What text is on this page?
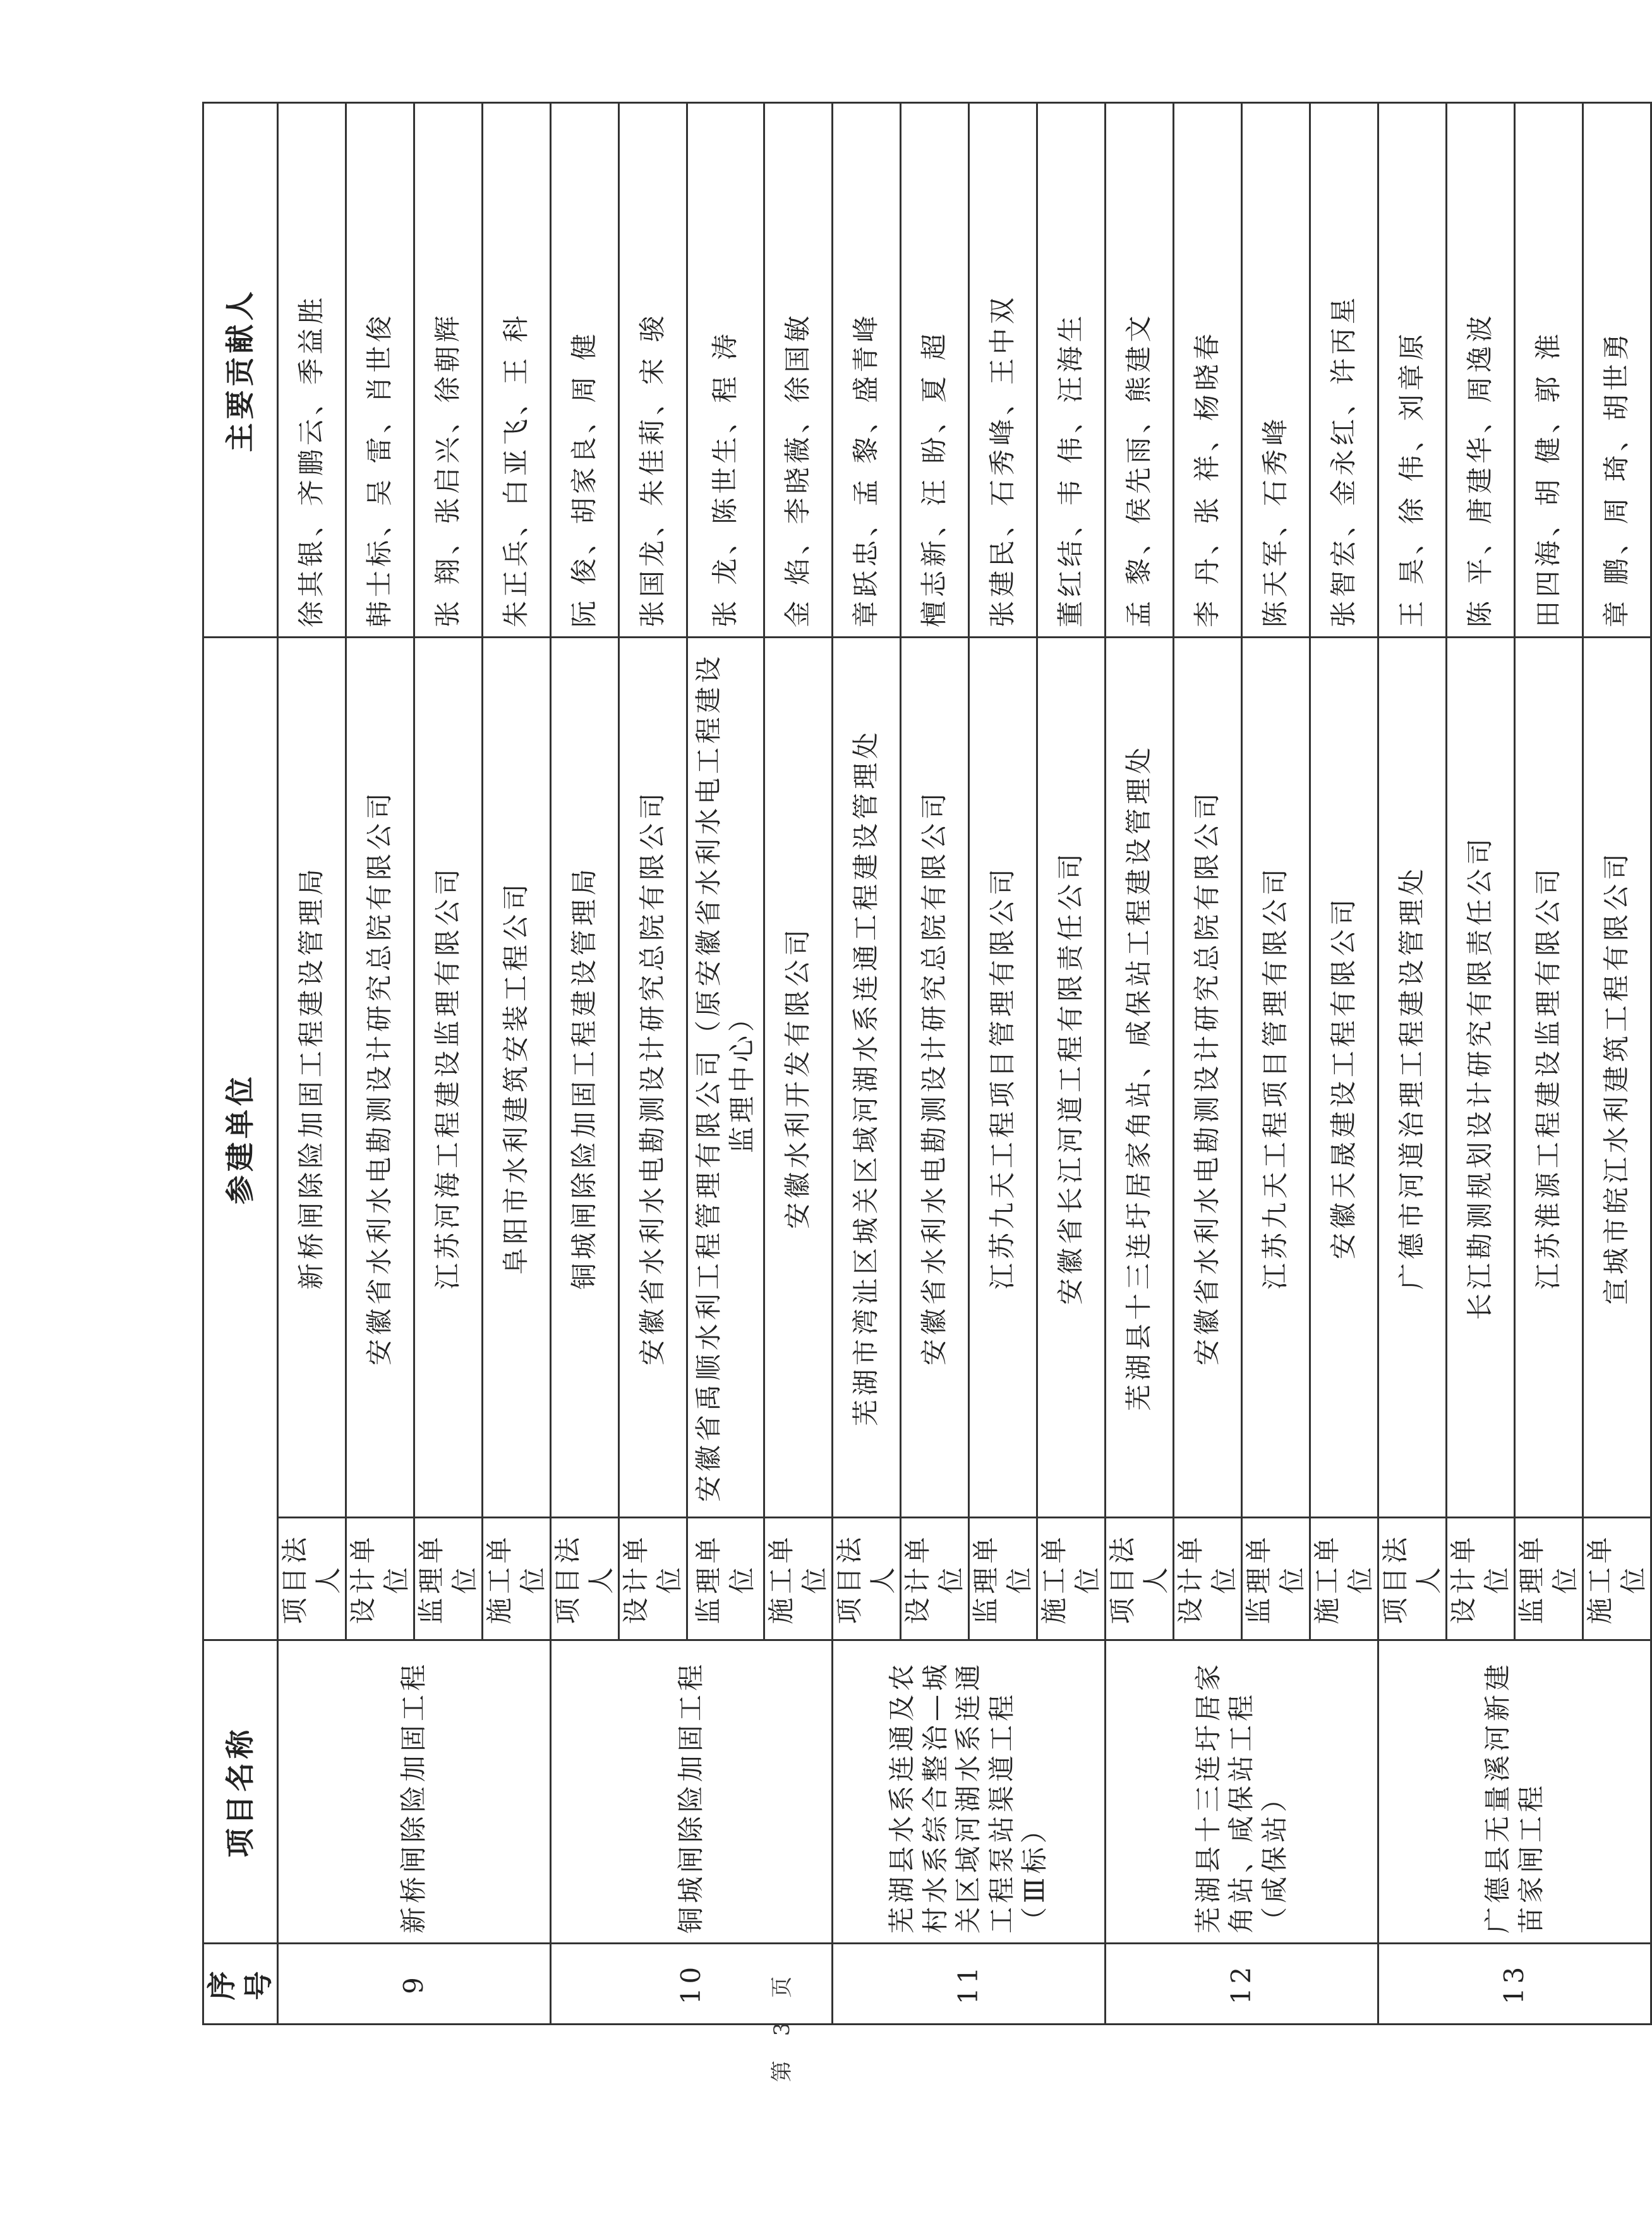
序号	项目名称	参建单位		主要贡献人
9	新桥闸除险加固工程	项目法人	新桥闸除险加固工程建设管理局	徐其银、齐鹏云、季益胜
		设计单位	安徽省水利水电勘测设计研究总院有限公司	韩士标、吴 雷、肖世俊
		监理单位	江苏河海工程建设监理有限公司	张 翔、张启兴、徐朝辉
		施工单位	阜阳市水利建筑安装工程公司	朱正兵、白亚飞、王 科
10	铜城闸除险加固工程	项目法人	铜城闸除险加固工程建设管理局	阮 俊、胡家良、周 健
		设计单位	安徽省水利水电勘测设计研究总院有限公司	张国龙、朱佳莉、宋 骏
		监理单位	安徽省禹顺水利工程管理有限公司（原安徽省水利水电工程建设监理中心）	张 龙、陈世生、程 涛
		施工单位	安徽水利开发有限公司	金 焰、李晓薇、徐国敏
11	芜湖县水系连通及农村水系综合整治—城关区域河湖水系连通工程泵站渠道工程（Ⅲ标）	项目法人	芜湖市湾沚区城关区域河湖水系连通工程建设管理处	章跃忠、孟 黎、盛青峰
		设计单位	安徽省水利水电勘测设计研究总院有限公司	檀志新、汪 盼、夏 超
		监理单位	江苏九天工程项目管理有限公司	张建民、石秀峰、王中双
		施工单位	安徽省长江河道工程有限责任公司	董红结、韦 伟、汪海生
12	芜湖县十三连圩居家角站、咸保站工程（咸保站）	项目法人	芜湖县十三连圩居家角站、咸保站工程建设管理处	孟 黎、侯先雨、熊建文
		设计单位	安徽省水利水电勘测设计研究总院有限公司	李 丹、张 祥、杨晓春
		监理单位	江苏九天工程项目管理有限公司	陈天军、石秀峰
		施工单位	安徽天晟建设工程有限公司	张智宏、金永红、许丙星
13	广德县无量溪河新建苗家闸工程	项目法人	广德市河道治理工程建设管理处	王 昊、徐 伟、刘章原
		设计单位	长江勘测规划设计研究有限责任公司	陈 平、唐建华、周逸波
		监理单位	江苏淮源工程建设监理有限公司	田四海、胡 健、郭 淮
		施工单位	宣城市皖江水利建筑工程有限公司	章 鹏、周 琦、胡世勇
第 3 页
